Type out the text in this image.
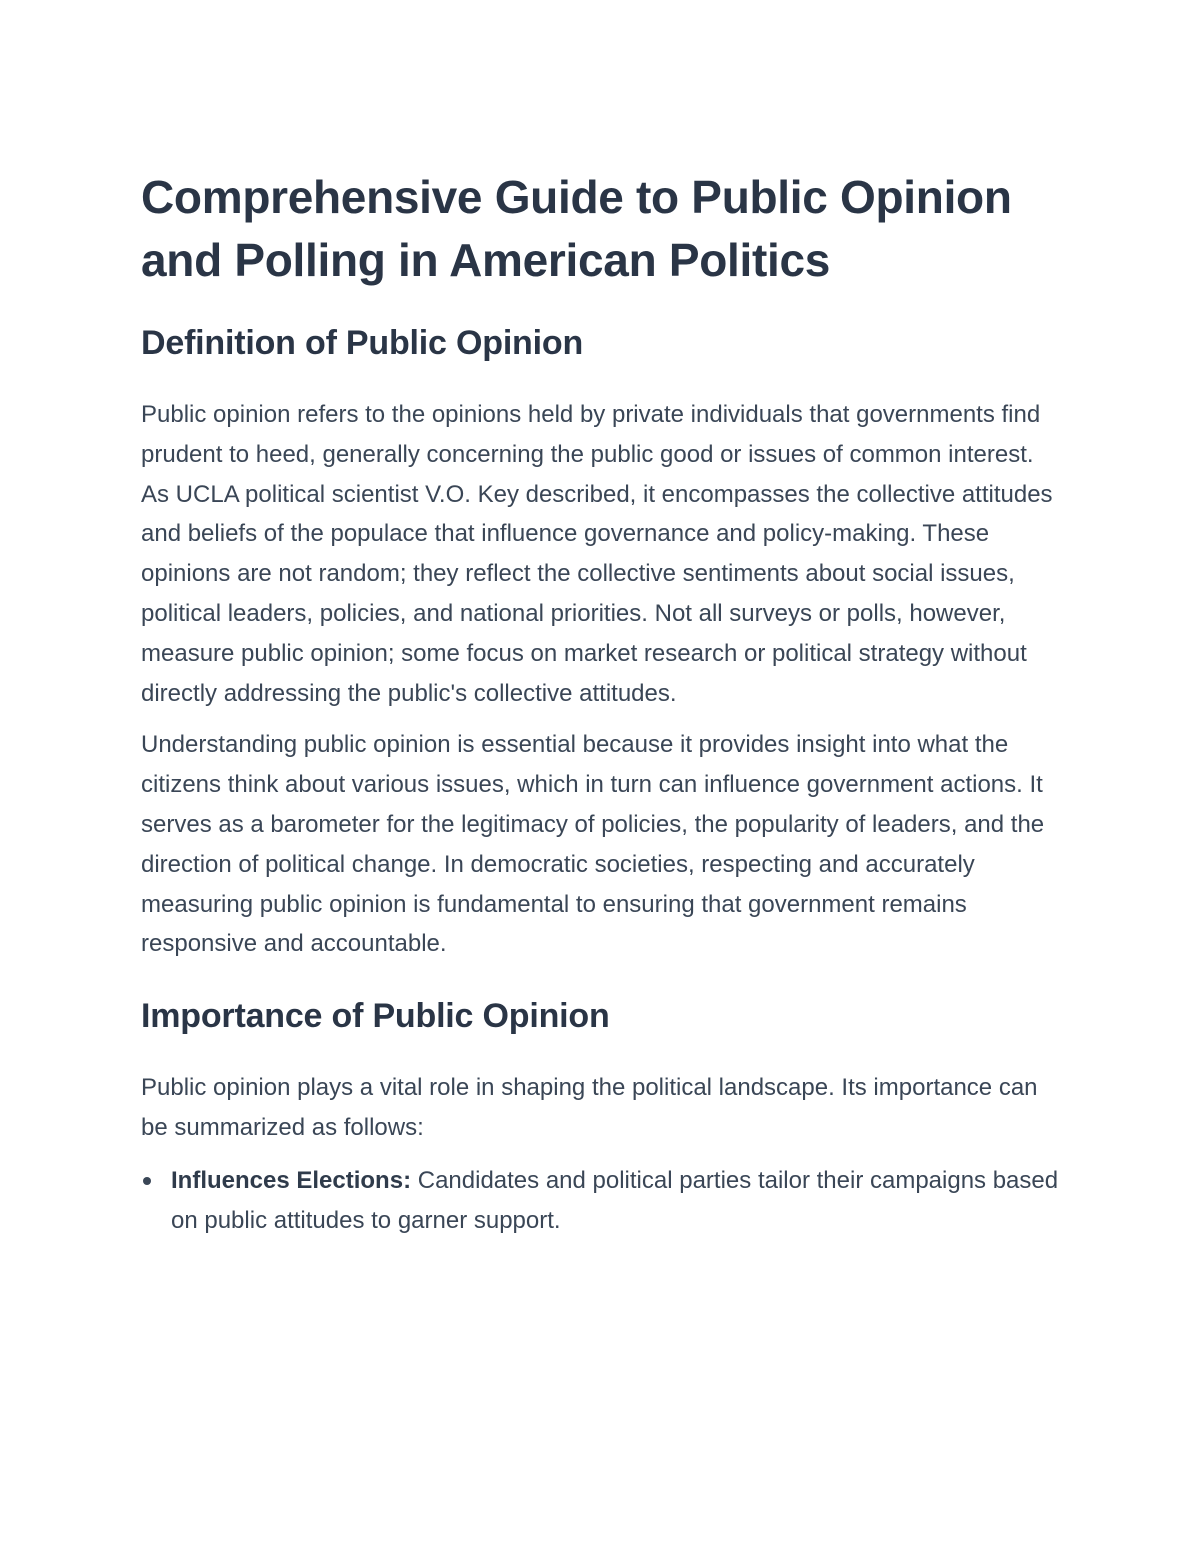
Comprehensive Guide to Public Opinion and Polling in American Politics
Definition of Public Opinion

Public opinion refers to the opinions held by private individuals that governments find prudent to heed, generally concerning the public good or issues of common interest. As UCLA political scientist V.O. Key described, it encompasses the collective attitudes and beliefs of the populace that influence governance and policy-making. These opinions are not random; they reflect the collective sentiments about social issues, political leaders, policies, and national priorities. Not all surveys or polls, however, measure public opinion; some focus on market research or political strategy without directly addressing the public's collective attitudes.

Understanding public opinion is essential because it provides insight into what the citizens think about various issues, which in turn can influence government actions. It serves as a barometer for the legitimacy of policies, the popularity of leaders, and the direction of political change. In democratic societies, respecting and accurately measuring public opinion is fundamental to ensuring that government remains responsive and accountable.

Importance of Public Opinion

Public opinion plays a vital role in shaping the political landscape. Its importance can be summarized as follows:

Influences Elections: Candidates and political parties tailor their campaigns based on public attitudes to garner support.
